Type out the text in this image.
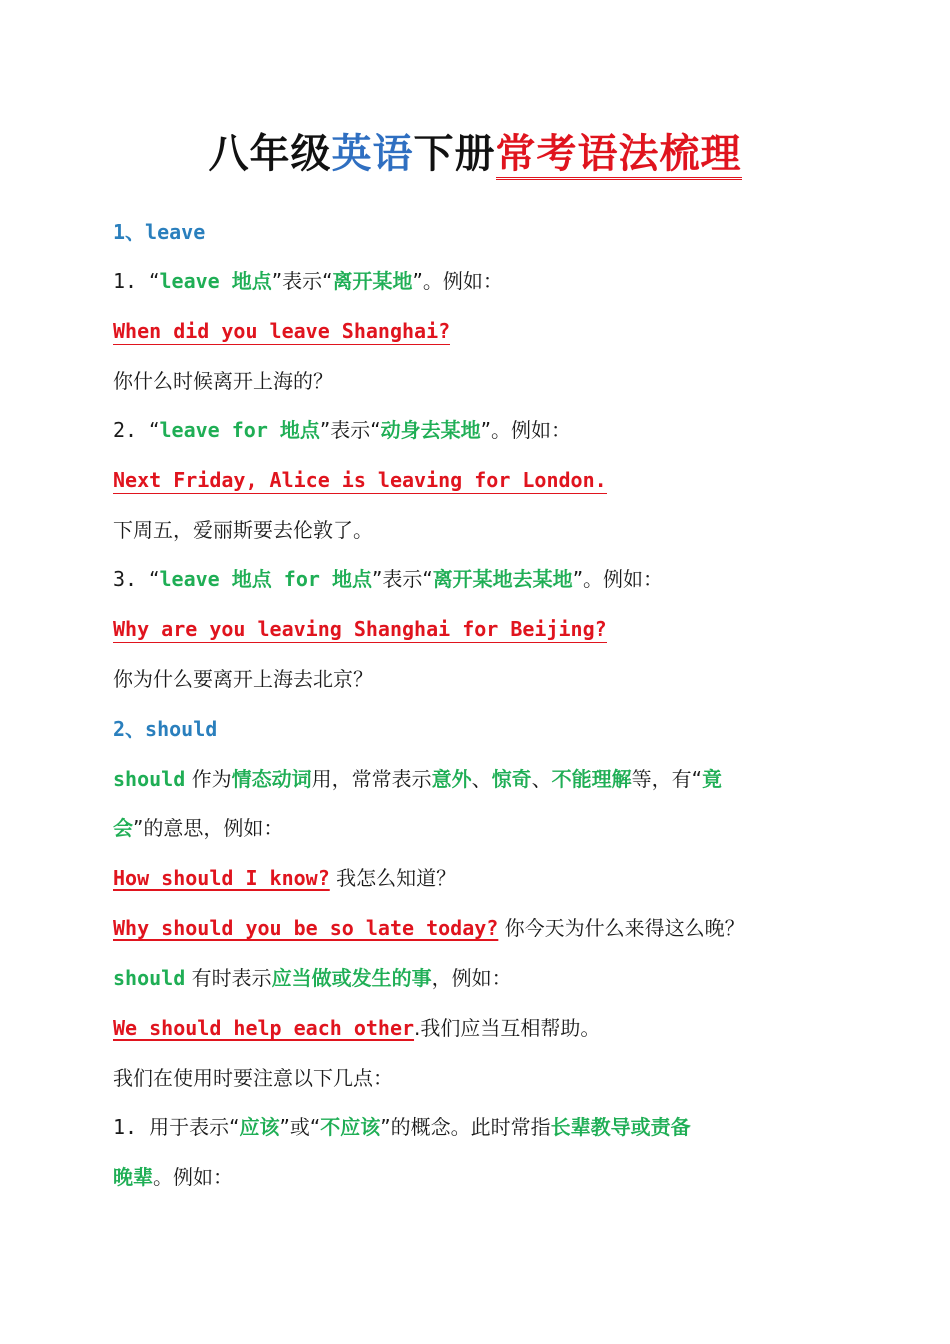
八年级英语下册常考语法梳理
1、leave
1. “leave 地点”表示“离开某地”。例如：
When did you leave Shanghai?
你什么时候离开上海的？
2. “leave for 地点”表示“动身去某地”。例如：
Next Friday, Alice is leaving for London.
下周五，爱丽斯要去伦敦了。
3. “leave 地点 for 地点”表示“离开某地去某地”。例如：
Why are you leaving Shanghai for Beijing?
你为什么要离开上海去北京？
2、should
should 作为情态动词用，常常表示意外、惊奇、不能理解等，有“竟
会”的意思，例如：
How should I know? 我怎么知道？
Why should you be so late today? 你今天为什么来得这么晚？
should 有时表示应当做或发生的事，例如：
We should help each other.我们应当互相帮助。
我们在使用时要注意以下几点：
1. 用于表示“应该”或“不应该”的概念。此时常指长辈教导或责备
晚辈。例如：
